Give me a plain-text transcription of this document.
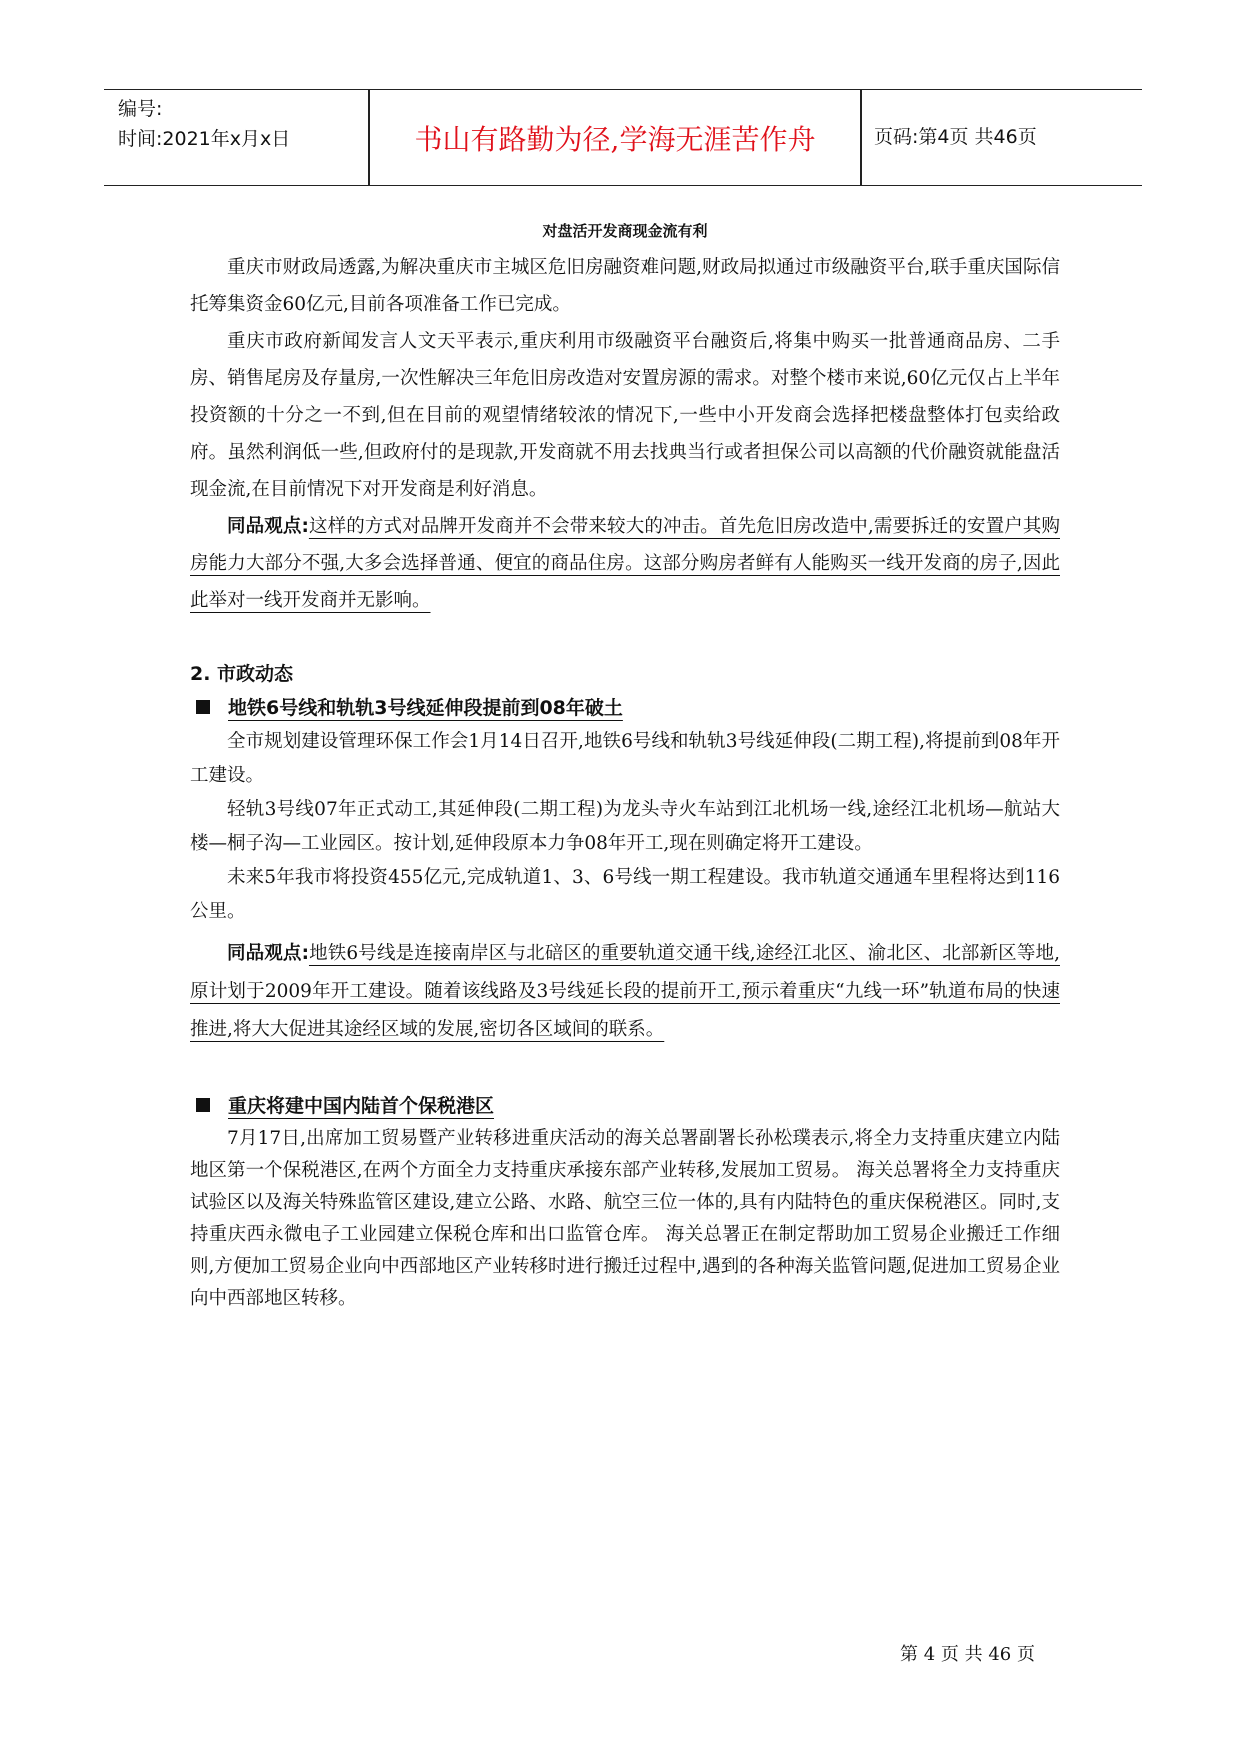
编号:
时间:2021年x月x日	书山有路勤为径,学海无涯苦作舟	页码:第4页 共46页
对盘活开发商现金流有利

重庆市财政局透露,为解决重庆市主城区危旧房融资难问题,财政局拟通过市级融资平台,联手重庆国际信托筹集资金60亿元,目前各项准备工作已完成。

重庆市政府新闻发言人文天平表示,重庆利用市级融资平台融资后,将集中购买一批普通商品房、二手房、销售尾房及存量房,一次性解决三年危旧房改造对安置房源的需求。对整个楼市来说,60亿元仅占上半年投资额的十分之一不到,但在目前的观望情绪较浓的情况下,一些中小开发商会选择把楼盘整体打包卖给政府。虽然利润低一些,但政府付的是现款,开发商就不用去找典当行或者担保公司以高额的代价融资就能盘活现金流,在目前情况下对开发商是利好消息。

同品观点:这样的方式对品牌开发商并不会带来较大的冲击。首先危旧房改造中,需要拆迁的安置户其购房能力大部分不强,大多会选择普通、便宜的商品住房。这部分购房者鲜有人能购买一线开发商的房子,因此此举对一线开发商并无影响。

2. 市政动态
地铁6号线和轨轨3号线延伸段提前到08年破土

全市规划建设管理环保工作会1月14日召开,地铁6号线和轨轨3号线延伸段(二期工程),将提前到08年开工建设。

轻轨3号线07年正式动工,其延伸段(二期工程)为龙头寺火车站到江北机场一线,途经江北机场—航站大楼—桐子沟—工业园区。按计划,延伸段原本力争08年开工,现在则确定将开工建设。

未来5年我市将投资455亿元,完成轨道1、3、6号线一期工程建设。我市轨道交通通车里程将达到116公里。

同品观点:地铁6号线是连接南岸区与北碚区的重要轨道交通干线,途经江北区、渝北区、北部新区等地,原计划于2009年开工建设。随着该线路及3号线延长段的提前开工,预示着重庆“九线一环”轨道布局的快速推进,将大大促进其途经区域的发展,密切各区域间的联系。

重庆将建中国内陆首个保税港区

7月17日,出席加工贸易暨产业转移进重庆活动的海关总署副署长孙松璞表示,将全力支持重庆建立内陆地区第一个保税港区,在两个方面全力支持重庆承接东部产业转移,发展加工贸易。 海关总署将全力支持重庆试验区以及海关特殊监管区建设,建立公路、水路、航空三位一体的,具有内陆特色的重庆保税港区。同时,支持重庆西永微电子工业园建立保税仓库和出口监管仓库。 海关总署正在制定帮助加工贸易企业搬迁工作细则,方便加工贸易企业向中西部地区产业转移时进行搬迁过程中,遇到的各种海关监管问题,促进加工贸易企业向中西部地区转移。

第 4 页 共 46 页
